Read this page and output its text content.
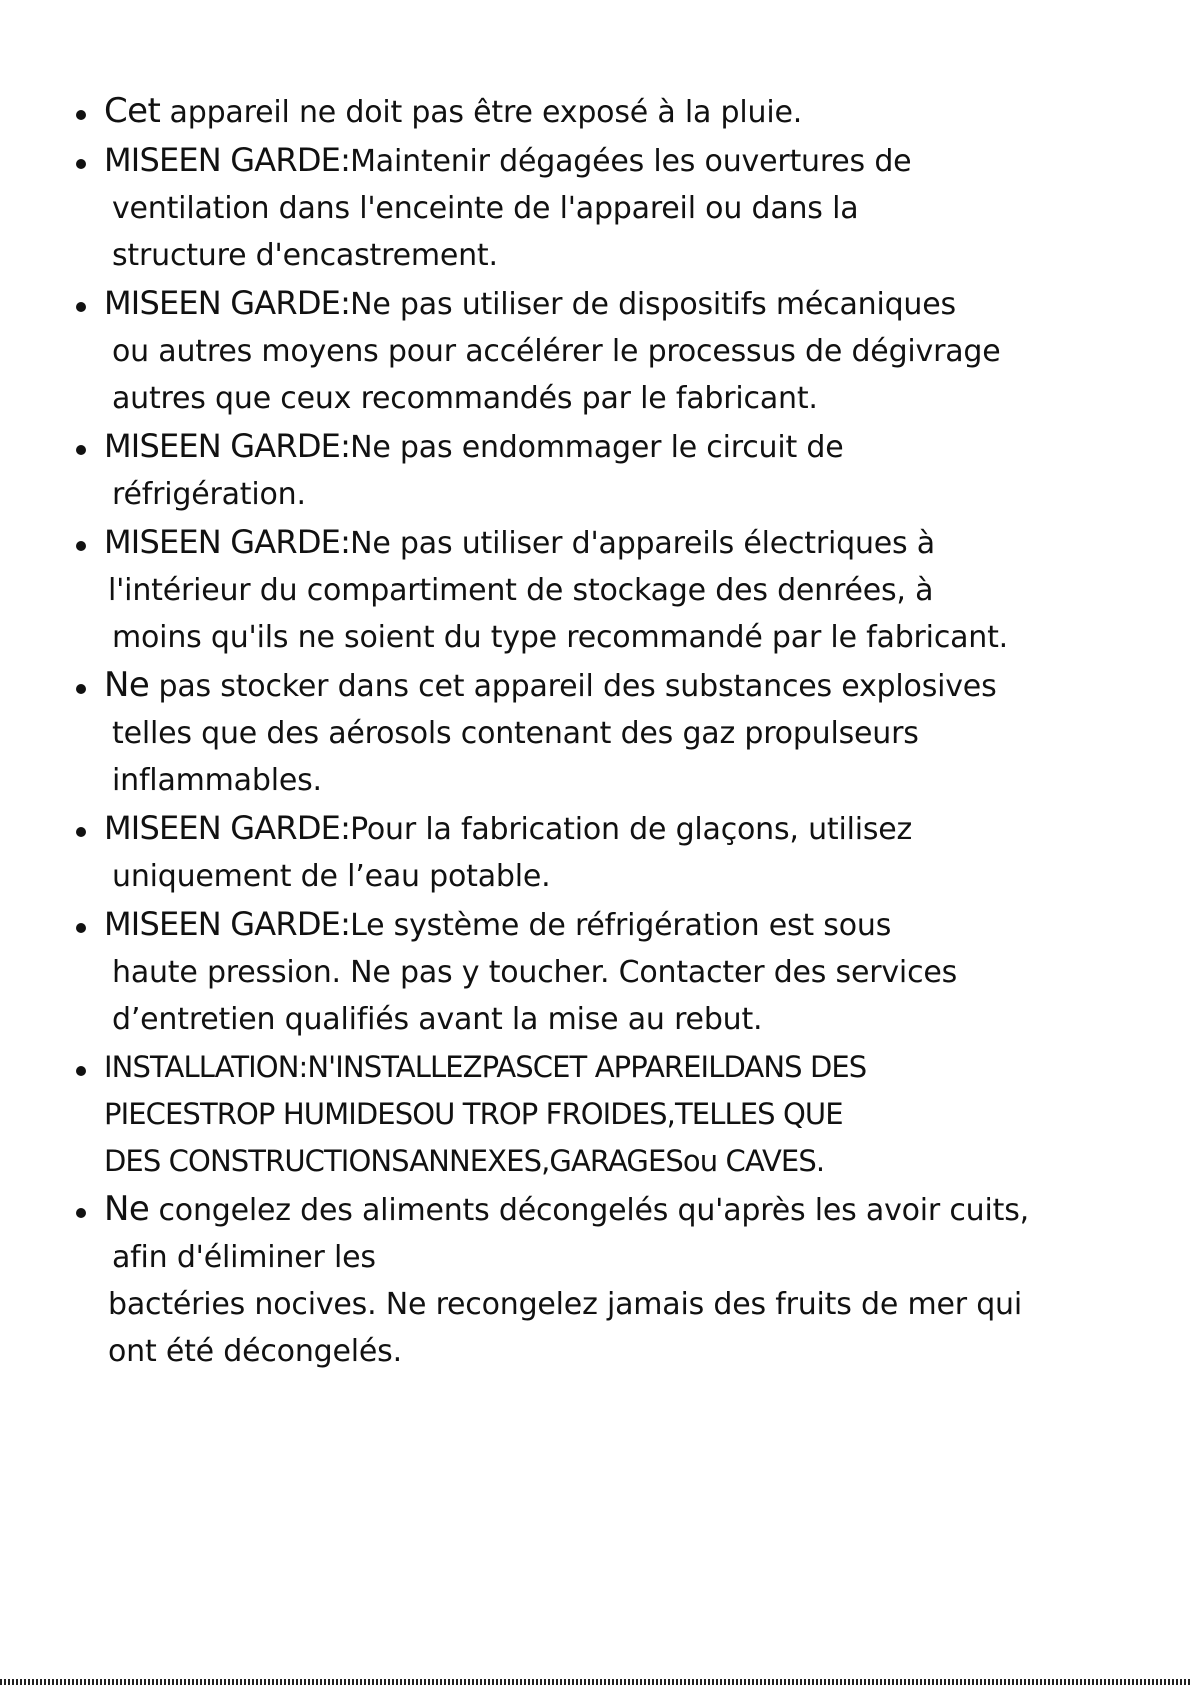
Cet appareil ne doit pas être exposé à la pluie.
MISEEN GARDE:Maintenir dégagées les ouvertures de
ventilation dans l'enceinte de l'appareil ou dans la
structure d'encastrement.
MISEEN GARDE:Ne pas utiliser de dispositifs mécaniques
ou autres moyens pour accélérer le processus de dégivrage
autres que ceux recommandés par le fabricant.
MISEEN GARDE:Ne pas endommager le circuit de
réfrigération.
MISEEN GARDE:Ne pas utiliser d'appareils électriques à
l'intérieur du compartiment de stockage des denrées, à
moins qu'ils ne soient du type recommandé par le fabricant.
Ne pas stocker dans cet appareil des substances explosives
telles que des aérosols contenant des gaz propulseurs
inflammables.
MISEEN GARDE:Pour la fabrication de glaçons, utilisez
uniquement de l’eau potable.
MISEEN GARDE:Le système de réfrigération est sous
haute pression. Ne pas y toucher. Contacter des services
d’entretien qualifiés avant la mise au rebut.
INSTALLATION:N'INSTALLEZPASCET APPAREILDANS DES
PIECESTROP HUMIDESOU TROP FROIDES,TELLES QUE
DES CONSTRUCTIONSANNEXES,GARAGESou CAVES.
Ne congelez des aliments décongelés qu'après les avoir cuits,
afin d'éliminer les
bactéries nocives. Ne recongelez jamais des fruits de mer qui
ont été décongelés.
